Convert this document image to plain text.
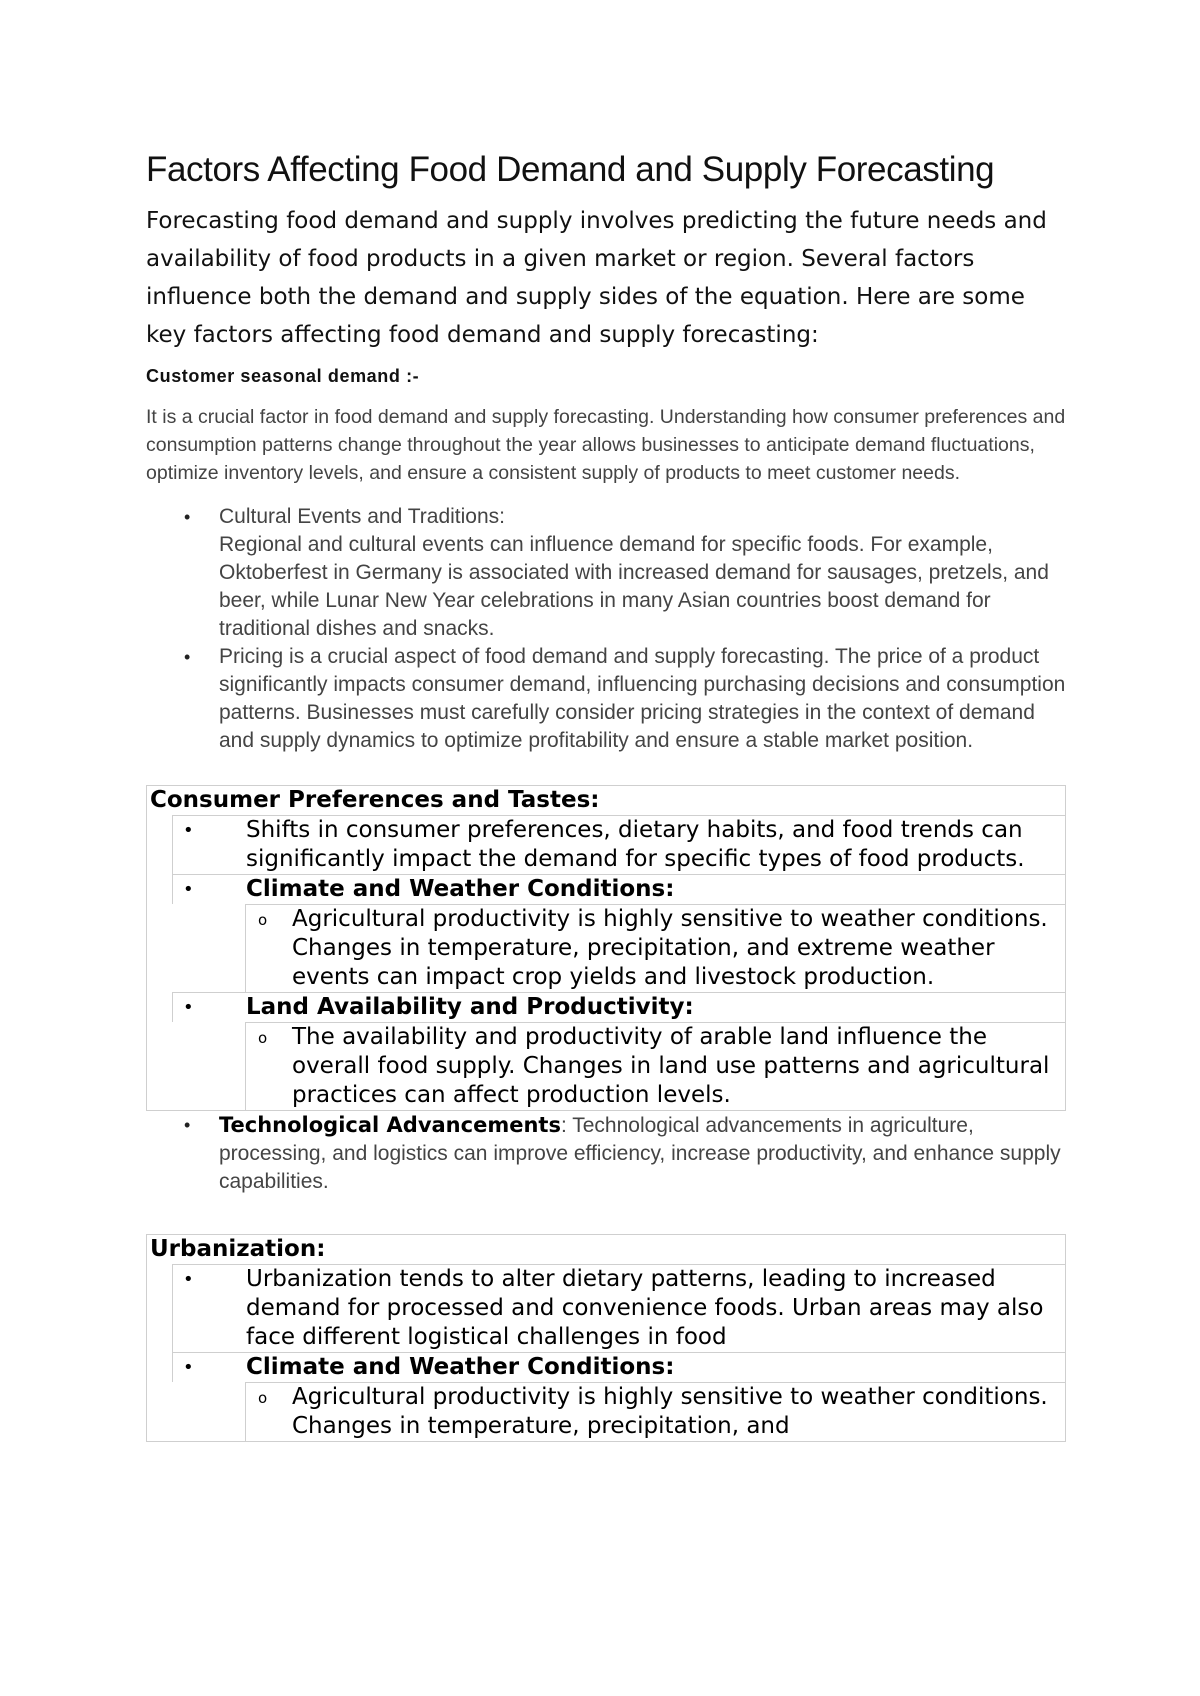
Factors Affecting Food Demand and Supply Forecasting

Forecasting food demand and supply involves predicting the future needs and availability of food products in a given market or region. Several factors influence both the demand and supply sides of the equation. Here are some key factors affecting food demand and supply forecasting:

Customer seasonal demand :-

It is a crucial factor in food demand and supply forecasting. Understanding how consumer preferences and consumption patterns change throughout the year allows businesses to anticipate demand fluctuations, optimize inventory levels, and ensure a consistent supply of products to meet customer needs.

• Cultural Events and Traditions:
Regional and cultural events can influence demand for specific foods. For example, Oktoberfest in Germany is associated with increased demand for sausages, pretzels, and beer, while Lunar New Year celebrations in many Asian countries boost demand for traditional dishes and snacks.
• Pricing is a crucial aspect of food demand and supply forecasting. The price of a product significantly impacts consumer demand, influencing purchasing decisions and consumption patterns. Businesses must carefully consider pricing strategies in the context of demand and supply dynamics to optimize profitability and ensure a stable market position.
Consumer Preferences and Tastes:
• Shifts in consumer preferences, dietary habits, and food trends can significantly impact the demand for specific types of food products.
• Climate and Weather Conditions:
o Agricultural productivity is highly sensitive to weather conditions. Changes in temperature, precipitation, and extreme weather events can impact crop yields and livestock production.
• Land Availability and Productivity:
o The availability and productivity of arable land influence the overall food supply. Changes in land use patterns and agricultural practices can affect production levels.
• Technological Advancements: Technological advancements in agriculture, processing, and logistics can improve efficiency, increase productivity, and enhance supply capabilities.
Urbanization:
• Urbanization tends to alter dietary patterns, leading to increased demand for processed and convenience foods. Urban areas may also face different logistical challenges in food
• Climate and Weather Conditions:
o Agricultural productivity is highly sensitive to weather conditions. Changes in temperature, precipitation, and
